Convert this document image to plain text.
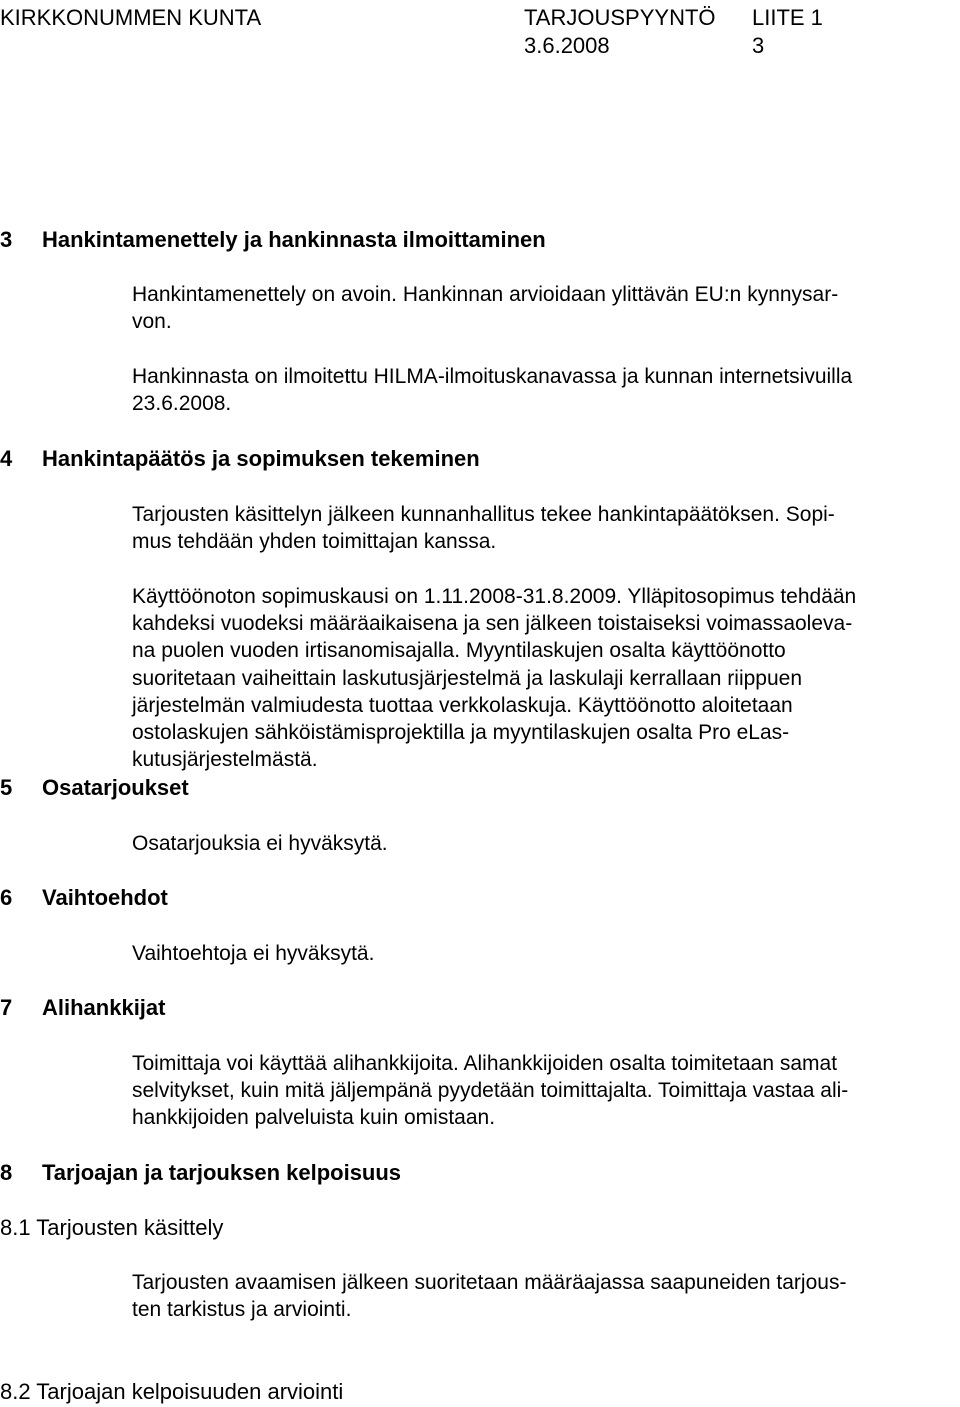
KIRKKONUMMEN KUNTA	TARJOUSPYYNTÖ LIITE 1
3.6.2008	3
3 Hankintamenettely ja hankinnasta ilmoittaminen
Hankintamenettely on avoin. Hankinnan arvioidaan ylittävän EU:n kynnysar-
von.
Hankinnasta on ilmoitettu HILMA-ilmoituskanavassa ja kunnan internetsivuilla
23.6.2008.
4 Hankintapäätös ja sopimuksen tekeminen
Tarjousten käsittelyn jälkeen kunnanhallitus tekee hankintapäätöksen. Sopi-
mus tehdään yhden toimittajan kanssa.
Käyttöönoton sopimuskausi on 1.11.2008-31.8.2009. Ylläpitosopimus tehdään
kahdeksi vuodeksi määräaikaisena ja sen jälkeen toistaiseksi voimassaoleva-
na puolen vuoden irtisanomisajalla. Myyntilaskujen osalta käyttöönotto
suoritetaan vaiheittain laskutusjärjestelmä ja laskulaji kerrallaan riippuen
järjestelmän valmiudesta tuottaa verkkolaskuja. Käyttöönotto aloitetaan
ostolaskujen sähköistämisprojektilla ja myyntilaskujen osalta Pro eLas-
kutusjärjestelmästä.
5 Osatarjoukset
Osatarjouksia ei hyväksytä.
6 Vaihtoehdot
Vaihtoehtoja ei hyväksytä.
7 Alihankkijat
Toimittaja voi käyttää alihankkijoita. Alihankkijoiden osalta toimitetaan samat
selvitykset, kuin mitä jäljempänä pyydetään toimittajalta. Toimittaja vastaa ali-
hankkijoiden palveluista kuin omistaan.
8 Tarjoajan ja tarjouksen kelpoisuus
8.1 Tarjousten käsittely
Tarjousten avaamisen jälkeen suoritetaan määräajassa saapuneiden tarjous-
ten tarkistus ja arviointi.
8.2 Tarjoajan kelpoisuuden arviointi
